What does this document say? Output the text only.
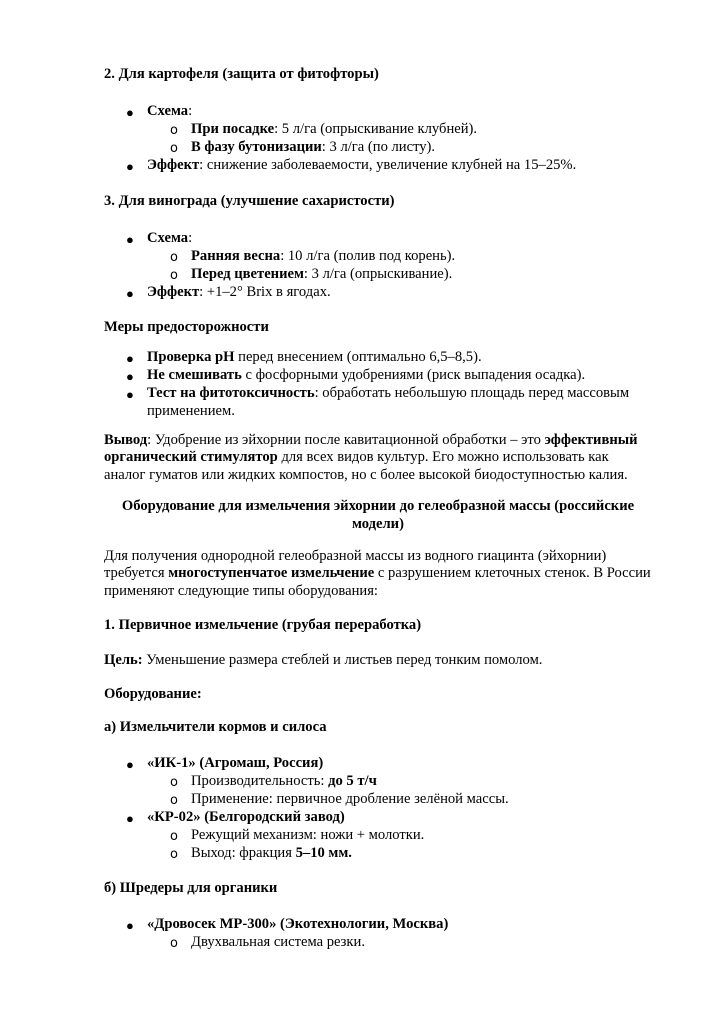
2. Для картофеля (защита от фитофторы)

● Схема:

o При посадке: 5 л/га (опрыскивание клубней).

o В фазу бутонизации: 3 л/га (по листу).

● Эффект: снижение заболеваемости, увеличение клубней на 15–25%.

3. Для винограда (улучшение сахаристости)

● Схема:

o Ранняя весна: 10 л/га (полив под корень).

o Перед цветением: 3 л/га (опрыскивание).

● Эффект: +1–2° Brix в ягодах.

Меры предосторожности

● Проверка pH перед внесением (оптимально 6,5–8,5).

● Не смешивать с фосфорными удобрениями (риск выпадения осадка).

● Тест на фитотоксичность: обработать небольшую площадь перед массовым

применением.

Вывод: Удобрение из эйхорнии после кавитационной обработки – это эффективный органический стимулятор для всех видов культур. Его можно использовать как аналог гуматов или жидких компостов, но с более высокой биодоступностью калия.

Оборудование для измельчения эйхорнии до гелеобразной массы (российские

модели)

Для получения однородной гелеобразной массы из водного гиацинта (эйхорнии) требуется многоступенчатое измельчение с разрушением клеточных стенок. В России применяют следующие типы оборудования:

1. Первичное измельчение (грубая переработка)

Цель: Уменьшение размера стеблей и листьев перед тонким помолом.

Оборудование:

а) Измельчители кормов и силоса

● «ИК-1» (Агромаш, Россия)

o Производительность: до 5 т/ч

o Применение: первичное дробление зелёной массы.

● «КР-02» (Белгородский завод)

o Режущий механизм: ножи + молотки.

o Выход: фракция 5–10 мм.

б) Шредеры для органики

● «Дровосек МР-300» (Экотехнологии, Москва)

o Двухвальная система резки.
